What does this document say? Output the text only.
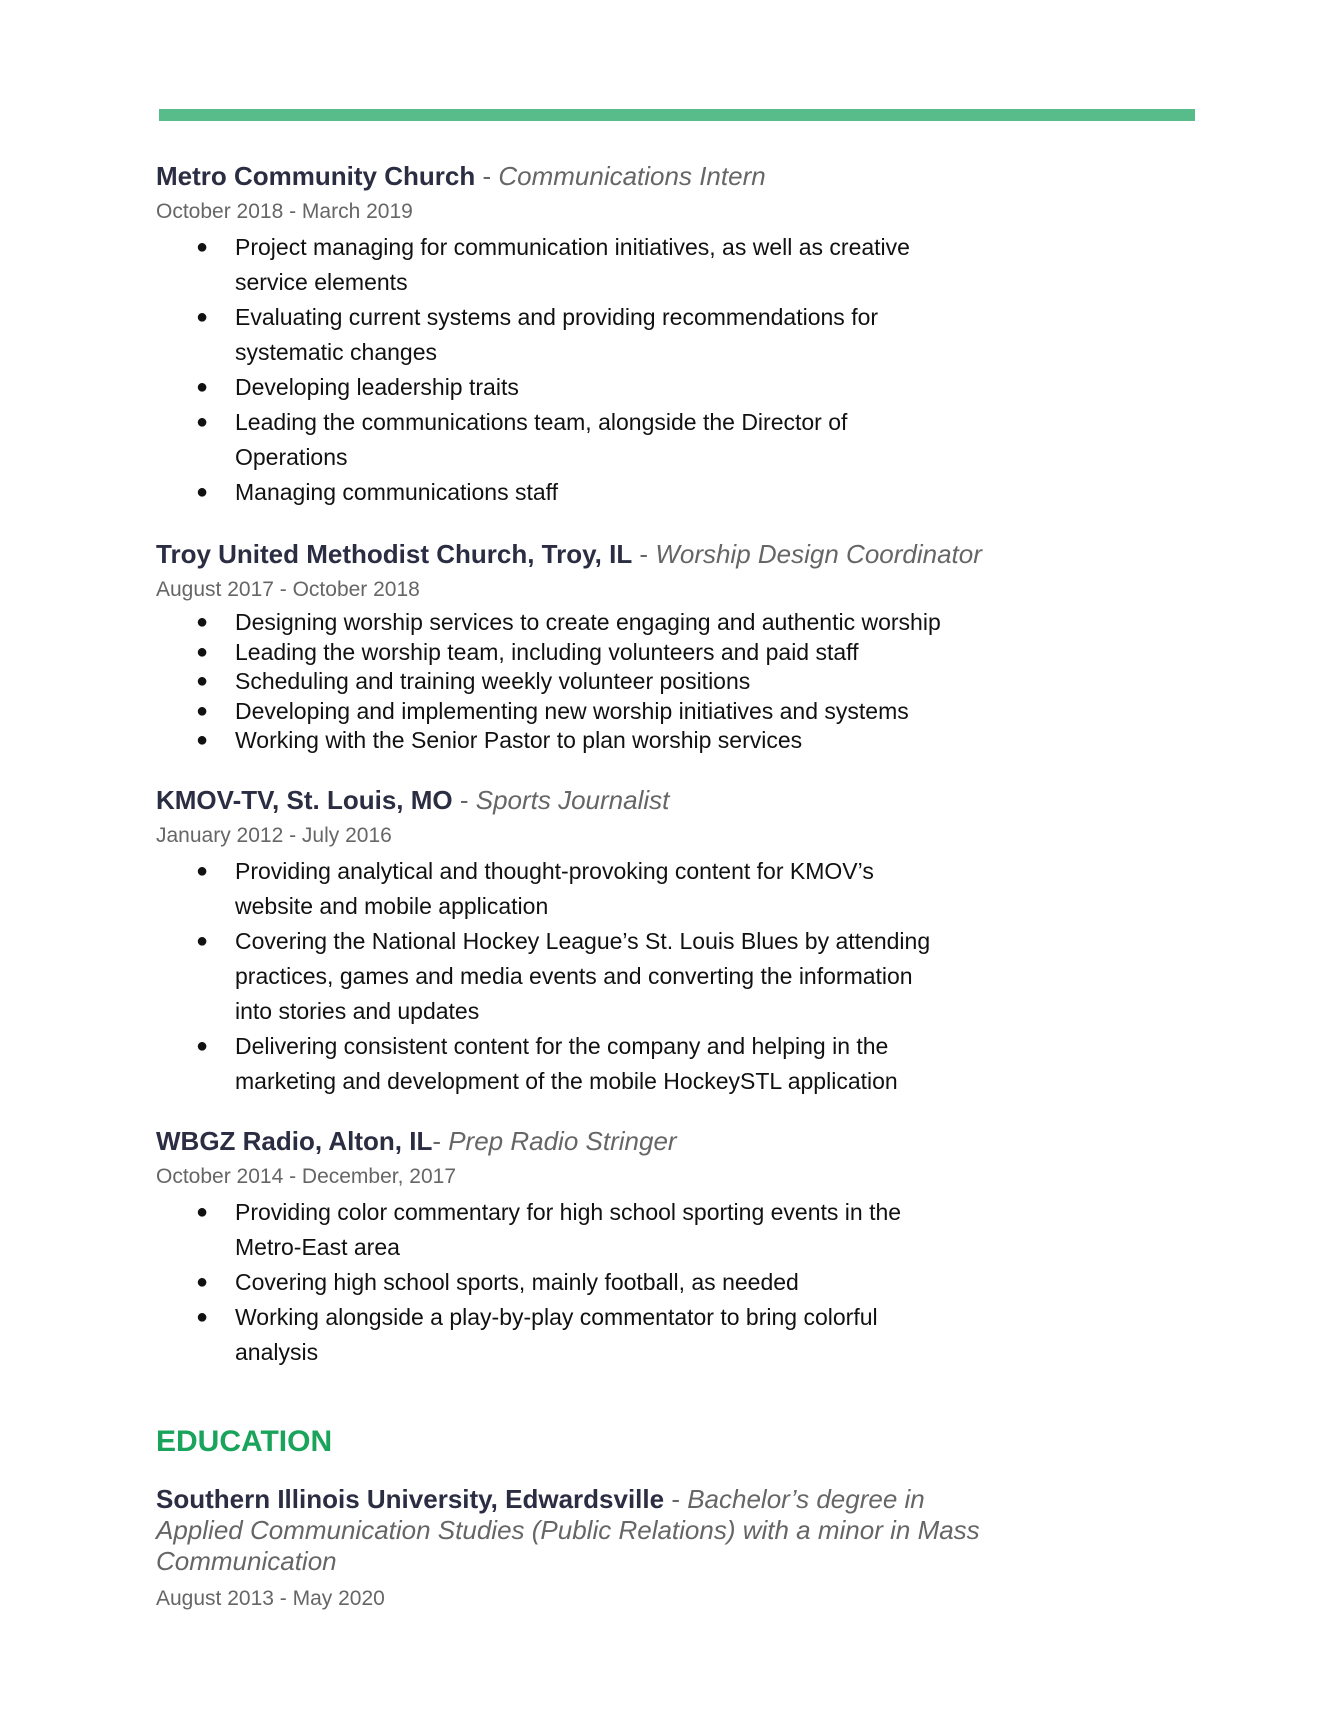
Metro Community Church - Communications Intern
October 2018 - March 2019
● Project managing for communication initiatives, as well as creative service elements
● Evaluating current systems and providing recommendations for systematic changes
● Developing leadership traits
● Leading the communications team, alongside the Director of Operations
● Managing communications staff
Troy United Methodist Church, Troy, IL - Worship Design Coordinator
August 2017 - October 2018
● Designing worship services to create engaging and authentic worship
● Leading the worship team, including volunteers and paid staff
● Scheduling and training weekly volunteer positions
● Developing and implementing new worship initiatives and systems
● Working with the Senior Pastor to plan worship services
KMOV-TV, St. Louis, MO - Sports Journalist
January 2012 - July 2016
● Providing analytical and thought-provoking content for KMOV’s website and mobile application
● Covering the National Hockey League’s St. Louis Blues by attending practices, games and media events and converting the information into stories and updates
● Delivering consistent content for the company and helping in the marketing and development of the mobile HockeySTL application
WBGZ Radio, Alton, IL- Prep Radio Stringer
October 2014 - December, 2017
● Providing color commentary for high school sporting events in the Metro-East area
● Covering high school sports, mainly football, as needed
● Working alongside a play-by-play commentator to bring colorful analysis
EDUCATION
Southern Illinois University, Edwardsville - Bachelor’s degree in Applied Communication Studies (Public Relations) with a minor in Mass Communication
August 2013 - May 2020
